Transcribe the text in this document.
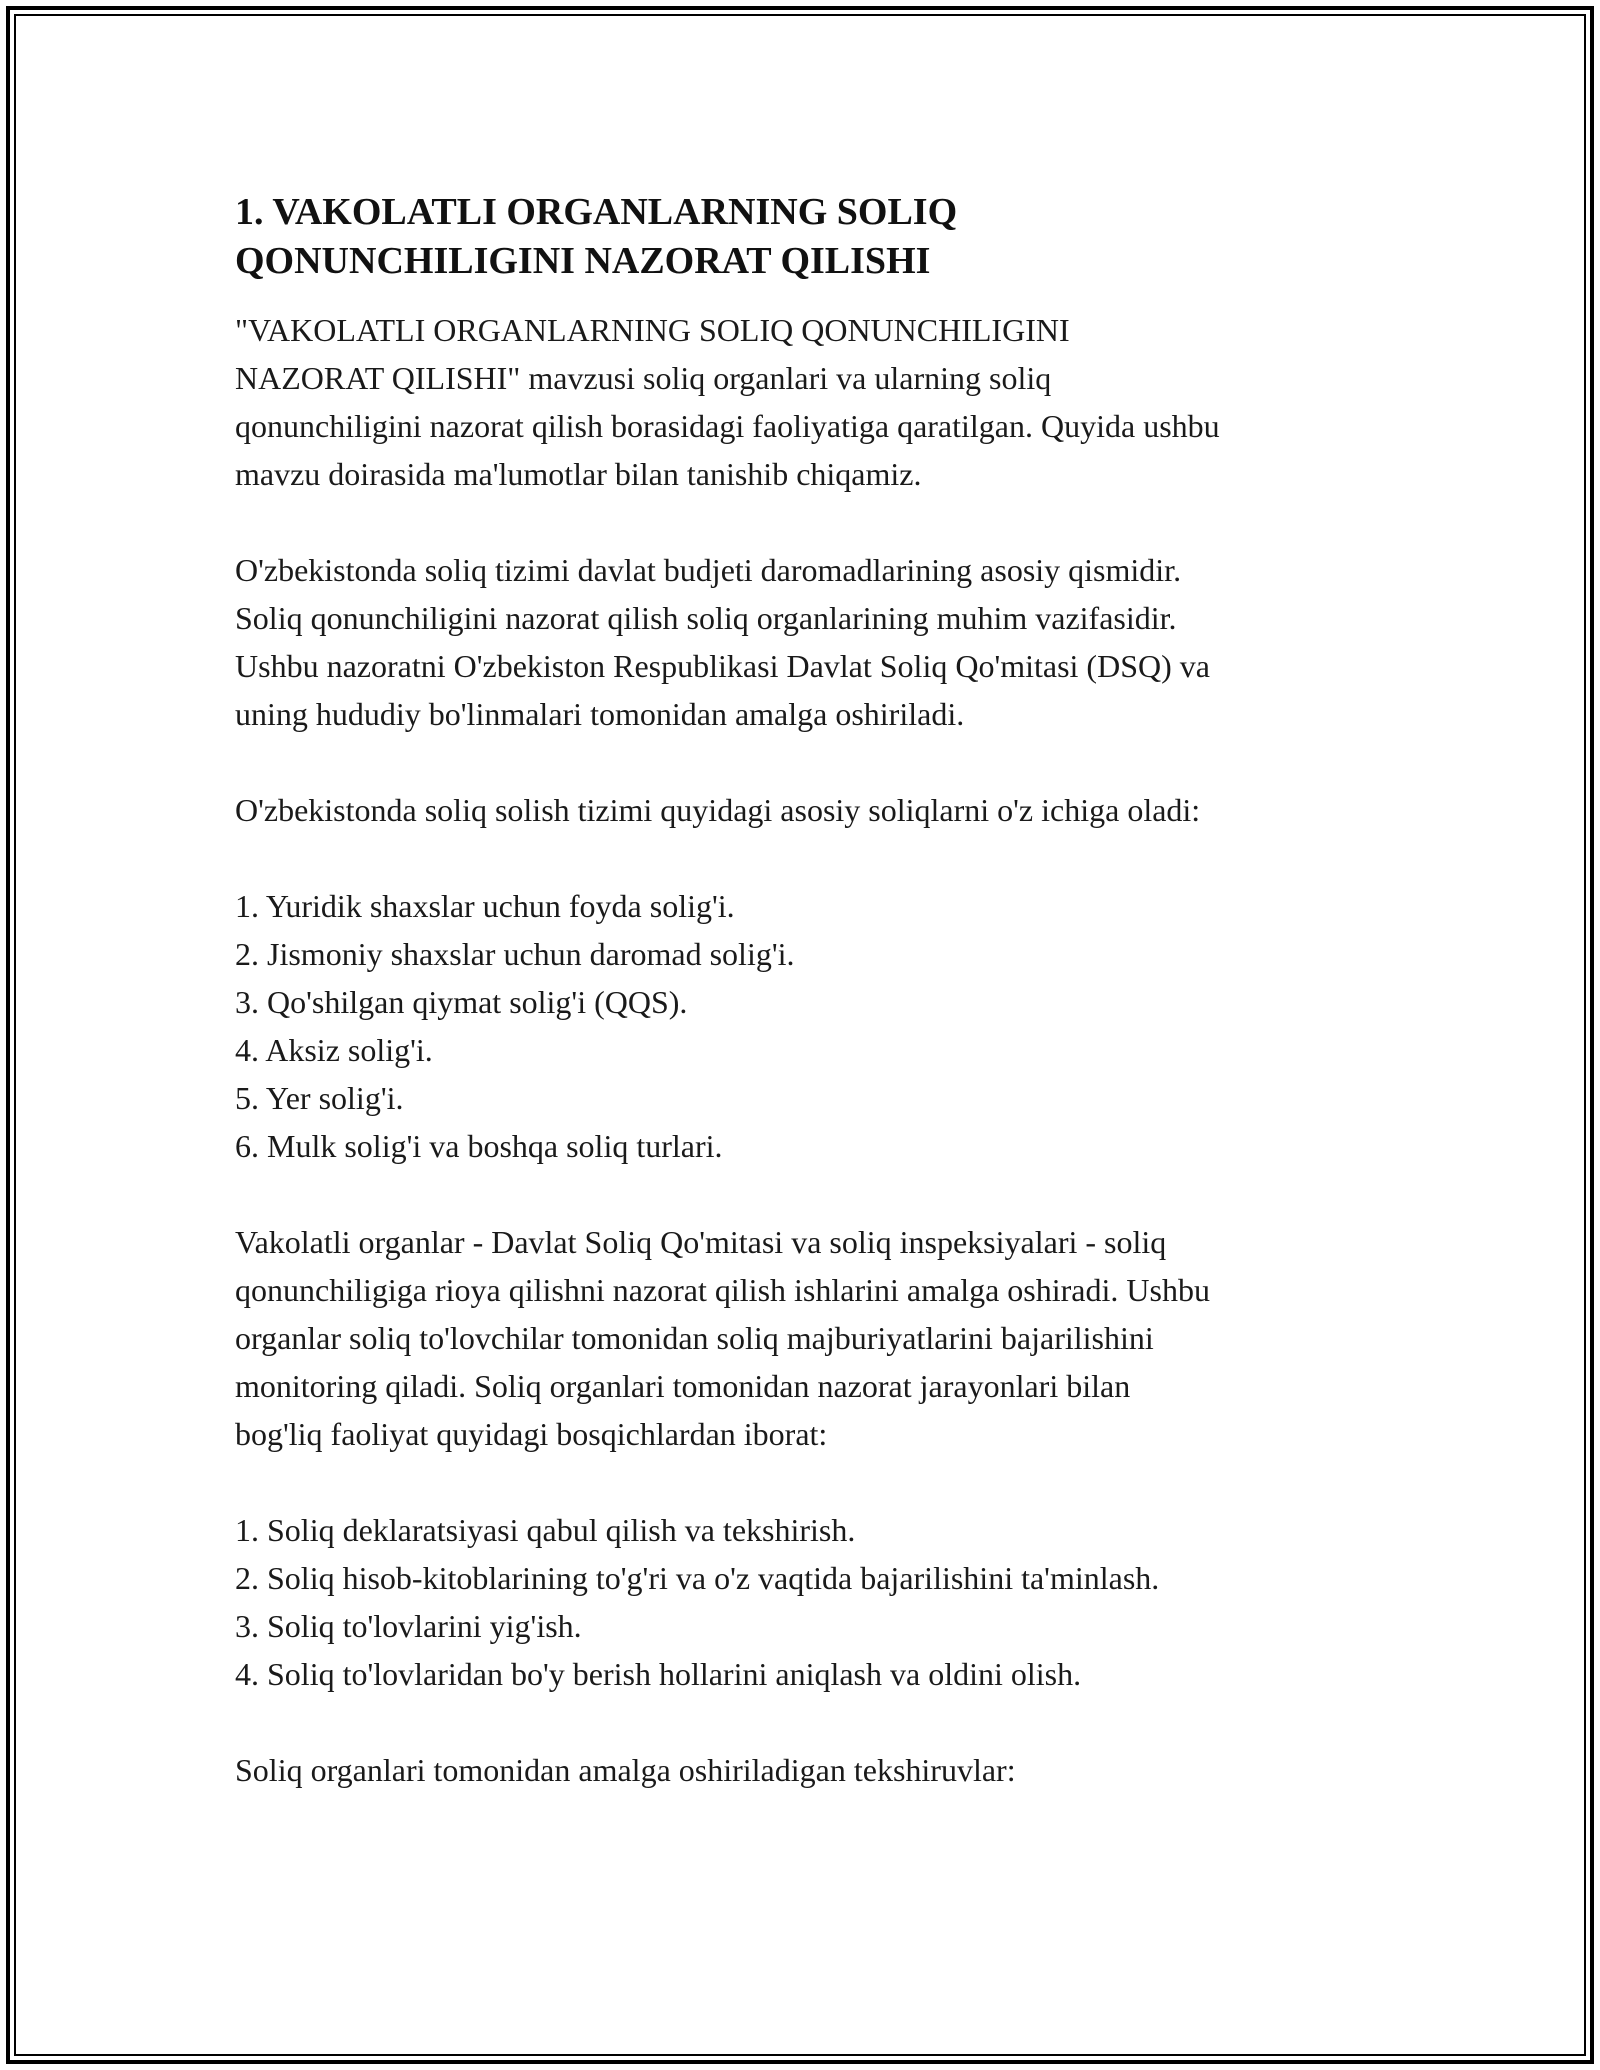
1. VAKOLATLI ORGANLARNING SOLIQ
QONUNCHILIGINI NAZORAT QILISHI

"VAKOLATLI ORGANLARNING SOLIQ QONUNCHILIGINI
NAZORAT QILISHI" mavzusi soliq organlari va ularning soliq
qonunchiligini nazorat qilish borasidagi faoliyatiga qaratilgan. Quyida ushbu
mavzu doirasida ma'lumotlar bilan tanishib chiqamiz.

O'zbekistonda soliq tizimi davlat budjeti daromadlarining asosiy qismidir.
Soliq qonunchiligini nazorat qilish soliq organlarining muhim vazifasidir.
Ushbu nazoratni O'zbekiston Respublikasi Davlat Soliq Qo'mitasi (DSQ) va
uning hududiy bo'linmalari tomonidan amalga oshiriladi.

O'zbekistonda soliq solish tizimi quyidagi asosiy soliqlarni o'z ichiga oladi:

1. Yuridik shaxslar uchun foyda solig'i.
2. Jismoniy shaxslar uchun daromad solig'i.
3. Qo'shilgan qiymat solig'i (QQS).
4. Aksiz solig'i.
5. Yer solig'i.
6. Mulk solig'i va boshqa soliq turlari.

Vakolatli organlar - Davlat Soliq Qo'mitasi va soliq inspeksiyalari - soliq
qonunchiligiga rioya qilishni nazorat qilish ishlarini amalga oshiradi. Ushbu
organlar soliq to'lovchilar tomonidan soliq majburiyatlarini bajarilishini
monitoring qiladi. Soliq organlari tomonidan nazorat jarayonlari bilan
bog'liq faoliyat quyidagi bosqichlardan iborat:

1. Soliq deklaratsiyasi qabul qilish va tekshirish.
2. Soliq hisob-kitoblarining to'g'ri va o'z vaqtida bajarilishini ta'minlash.
3. Soliq to'lovlarini yig'ish.
4. Soliq to'lovlaridan bo'y berish hollarini aniqlash va oldini olish.

Soliq organlari tomonidan amalga oshiriladigan tekshiruvlar:
